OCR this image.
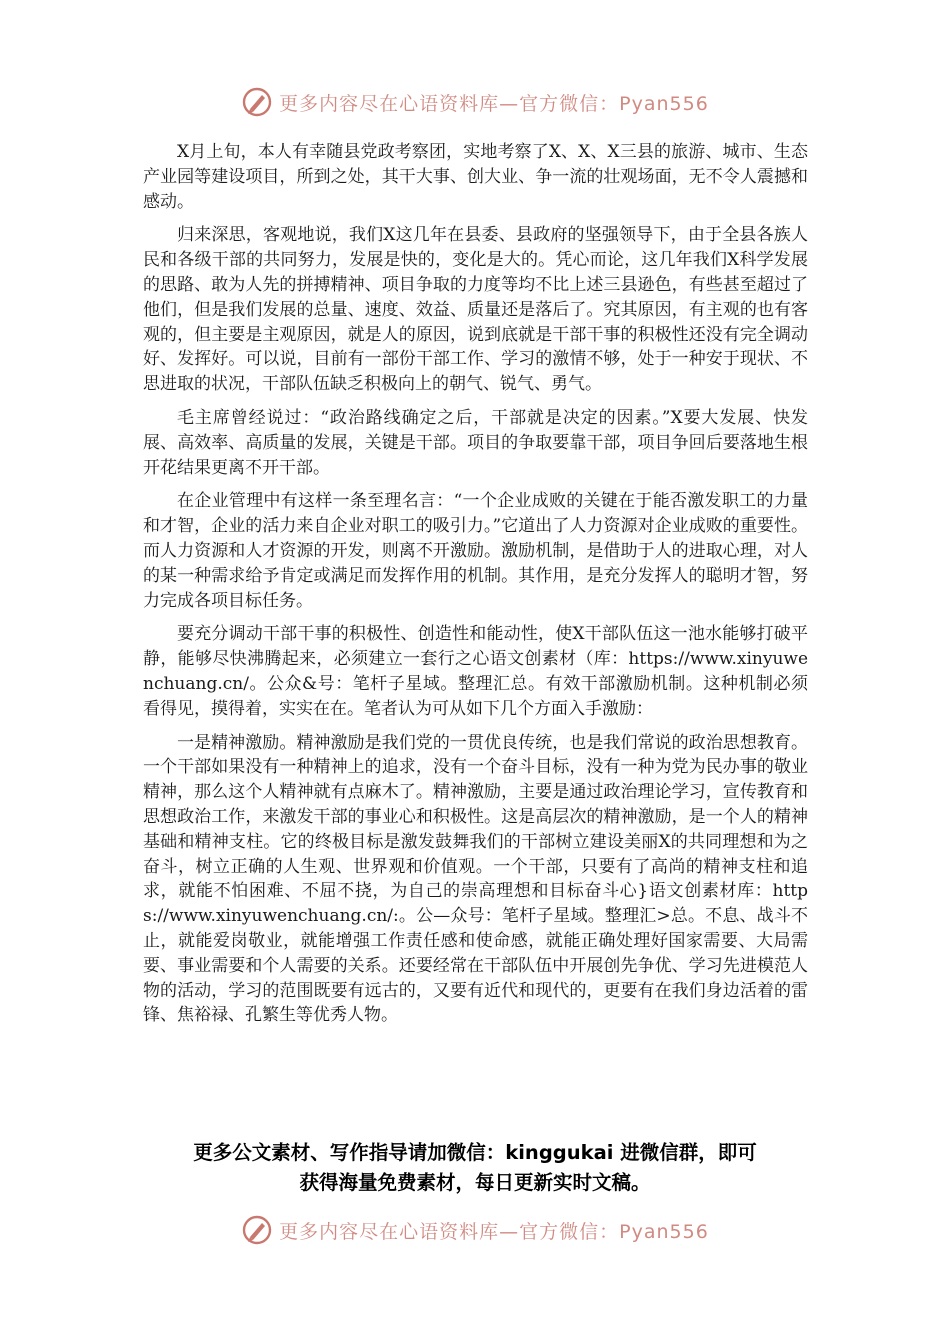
更多内容尽在心语资料库—官方微信：Pyan556

X月上旬，本人有幸随县党政考察团，实地考察了X、X、X三县的旅游、城市、生态产业园等建设项目，所到之处，其干大事、创大业、争一流的壮观场面，无不令人震撼和感动。

归来深思，客观地说，我们X这几年在县委、县政府的坚强领导下，由于全县各族人民和各级干部的共同努力，发展是快的，变化是大的。凭心而论，这几年我们X科学发展的思路、敢为人先的拼搏精神、项目争取的力度等均不比上述三县逊色，有些甚至超过了他们，但是我们发展的总量、速度、效益、质量还是落后了。究其原因，有主观的也有客观的，但主要是主观原因，就是人的原因，说到底就是干部干事的积极性还没有完全调动好、发挥好。可以说，目前有一部份干部工作、学习的激情不够，处于一种安于现状、不思进取的状况，干部队伍缺乏积极向上的朝气、锐气、勇气。

毛主席曾经说过：“政治路线确定之后，干部就是决定的因素。”X要大发展、快发展、高效率、高质量的发展，关键是干部。项目的争取要靠干部，项目争回后要落地生根开花结果更离不开干部。

在企业管理中有这样一条至理名言：“一个企业成败的关键在于能否激发职工的力量和才智，企业的活力来自企业对职工的吸引力。”它道出了人力资源对企业成败的重要性。而人力资源和人才资源的开发，则离不开激励。激励机制，是借助于人的进取心理，对人的某一种需求给予肯定或满足而发挥作用的机制。其作用，是充分发挥人的聪明才智，努力完成各项目标任务。

要充分调动干部干事的积极性、创造性和能动性，使X干部队伍这一池水能够打破平静，能够尽快沸腾起来，必须建立一套行之心语文创素材（库：https://www.xinyuwenchuang.cn/。公众&号：笔杆子星域。整理汇总。有效干部激励机制。这种机制必须看得见，摸得着，实实在在。笔者认为可从如下几个方面入手激励：

一是精神激励。精神激励是我们党的一贯优良传统，也是我们常说的政治思想教育。一个干部如果没有一种精神上的追求，没有一个奋斗目标，没有一种为党为民办事的敬业精神，那么这个人精神就有点麻木了。精神激励，主要是通过政治理论学习，宣传教育和思想政治工作，来激发干部的事业心和积极性。这是高层次的精神激励，是一个人的精神基础和精神支柱。它的终极目标是激发鼓舞我们的干部树立建设美丽X的共同理想和为之奋斗，树立正确的人生观、世界观和价值观。一个干部，只要有了高尚的精神支柱和追求，就能不怕困难、不屈不挠，为自己的崇高理想和目标奋斗心}语文创素材库：https://www.xinyuwenchuang.cn/:。公—众号：笔杆子星域。整理汇>总。不息、战斗不止，就能爱岗敬业，就能增强工作责任感和使命感，就能正确处理好国家需要、大局需要、事业需要和个人需要的关系。还要经常在干部队伍中开展创先争优、学习先进模范人物的活动，学习的范围既要有远古的，又要有近代和现代的，更要有在我们身边活着的雷锋、焦裕禄、孔繁生等优秀人物。

更多公文素材、写作指导请加微信：kinggukai 进微信群，即可
获得海量免费素材，每日更新实时文稿。
更多内容尽在心语资料库—官方微信：Pyan556
